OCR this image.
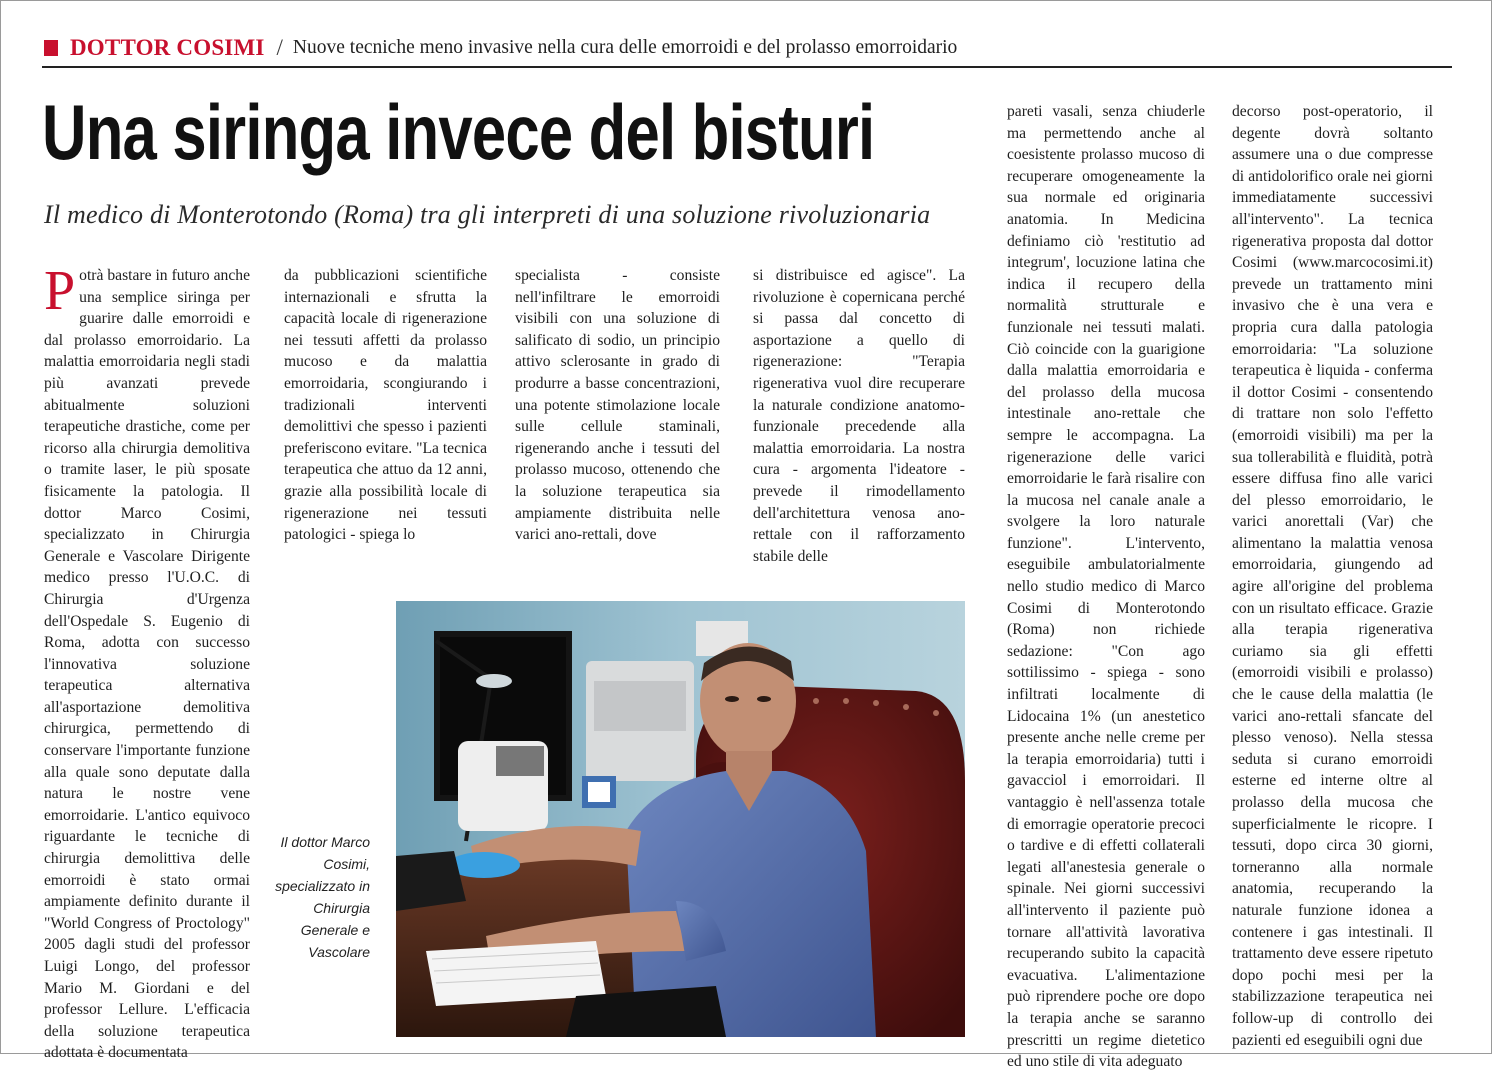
DOTTOR COSIMI / Nuove tecniche meno invasive nella cura delle emorroidi e del prolasso emorroidario
Una siringa invece del bisturi
Il medico di Monterotondo (Roma) tra gli interpreti di una soluzione rivoluzionaria
Potrà bastare in futuro anche una semplice siringa per guarire dalle emorroidi e dal prolasso emorroidario. La malattia emorroidaria negli stadi più avanzati prevede abitualmente soluzioni terapeutiche drastiche, come per ricorso alla chirurgia demolitiva o tramite laser, le più sposate fisicamente la patologia. Il dottor Marco Cosimi, specializzato in Chirurgia Generale e Vascolare Dirigente medico presso l'U.O.C. di Chirurgia d'Urgenza dell'Ospedale S. Eugenio di Roma, adotta con successo l'innovativa soluzione terapeutica alternativa all'asportazione demolitiva chirurgica, permettendo di conservare l'importante funzione alla quale sono deputate dalla natura le nostre vene emorroidarie. L'antico equivoco riguardante le tecniche di chirurgia demolittiva delle emorroidi è stato ormai ampiamente definito durante il "World Congress of Proctology" 2005 dagli studi del professor Luigi Longo, del professor Mario M. Giordani e del professor Lellure. L'efficacia della soluzione terapeutica adottata è documentata
da pubblicazioni scientifiche internazionali e sfrutta la capacità locale di rigenerazione nei tessuti affetti da prolasso mucoso e da malattia emorroidaria, scongiurando i tradizionali interventi demolittivi che spesso i pazienti preferiscono evitare. "La tecnica terapeutica che attuo da 12 anni, grazie alla possibilità locale di rigenerazione nei tessuti patologici - spiega lo
specialista - consiste nell'infiltrare le emorroidi visibili con una soluzione di salificato di sodio, un principio attivo sclerosante in grado di produrre a basse concentrazioni, una potente stimolazione locale sulle cellule staminali, rigenerando anche i tessuti del prolasso mucoso, ottenendo che la soluzione terapeutica sia ampiamente distribuita nelle varici ano-rettali, dove
si distribuisce ed agisce". La rivoluzione è copernicana perché si passa dal concetto di asportazione a quello di rigenerazione: "Terapia rigenerativa vuol dire recuperare la naturale condizione anatomo-funzionale precedende alla malattia emorroidaria. La nostra cura - argomenta l'ideatore - prevede il rimodellamento dell'architettura venosa ano-rettale con il rafforzamento stabile delle
pareti vasali, senza chiuderle ma permettendo anche al coesistente prolasso mucoso di recuperare omogeneamente la sua normale ed originaria anatomia. In Medicina definiamo ciò 'restitutio ad integrum', locuzione latina che indica il recupero della normalità strutturale e funzionale nei tessuti malati. Ciò coincide con la guarigione dalla malattia emorroidaria e del prolasso della mucosa intestinale ano-rettale che sempre le accompagna. La rigenerazione delle varici emorroidarie le farà risalire con la mucosa nel canale anale a svolgere la loro naturale funzione". L'intervento, eseguibile ambulatorialmente nello studio medico di Marco Cosimi di Monterotondo (Roma) non richiede sedazione: "Con ago sottilissimo - spiega - sono infiltrati localmente di Lidocaina 1% (un anestetico presente anche nelle creme per la terapia emorroidaria) tutti i gavacciol i emorroidari. Il vantaggio è nell'assenza totale di emorragie operatorie precoci o tardive e di effetti collaterali legati all'anestesia generale o spinale. Nei giorni successivi all'intervento il paziente può tornare all'attività lavorativa recuperando subito la capacità evacuativa. L'alimentazione può riprendere poche ore dopo la terapia anche se saranno prescritti un regime dietetico ed uno stile di vita adeguato
decorso post-operatorio, il degente dovrà soltanto assumere una o due compresse di antidolorifico orale nei giorni immediatamente successivi all'intervento". La tecnica rigenerativa proposta dal dottor Cosimi (www.marcocosimi.it) prevede un trattamento mini invasivo che è una vera e propria cura dalla patologia emorroidaria: "La soluzione terapeutica è liquida - conferma il dottor Cosimi - consentendo di trattare non solo l'effetto (emorroidi visibili) ma per la sua tollerabilità e fluidità, potrà essere diffusa fino alle varici del plesso emorroidario, le varici anorettali (Var) che alimentano la malattia venosa emorroidaria, giungendo ad agire all'origine del problema con un risultato efficace. Grazie alla terapia rigenerativa curiamo sia gli effetti (emorroidi visibili e prolasso) che le cause della malattia (le varici ano-rettali sfancate del plesso venoso). Nella stessa seduta si curano emorroidi esterne ed interne oltre al prolasso della mucosa che superficialmente le ricopre. I tessuti, dopo circa 30 giorni, torneranno alla normale anatomia, recuperando la naturale funzione idonea a contenere i gas intestinali. Il trattamento deve essere ripetuto dopo pochi mesi per la stabilizzazione terapeutica nei follow-up di controllo dei pazienti ed eseguibili ogni due
Il dottor Marco Cosimi, specializzato in Chirurgia Generale e Vascolare
